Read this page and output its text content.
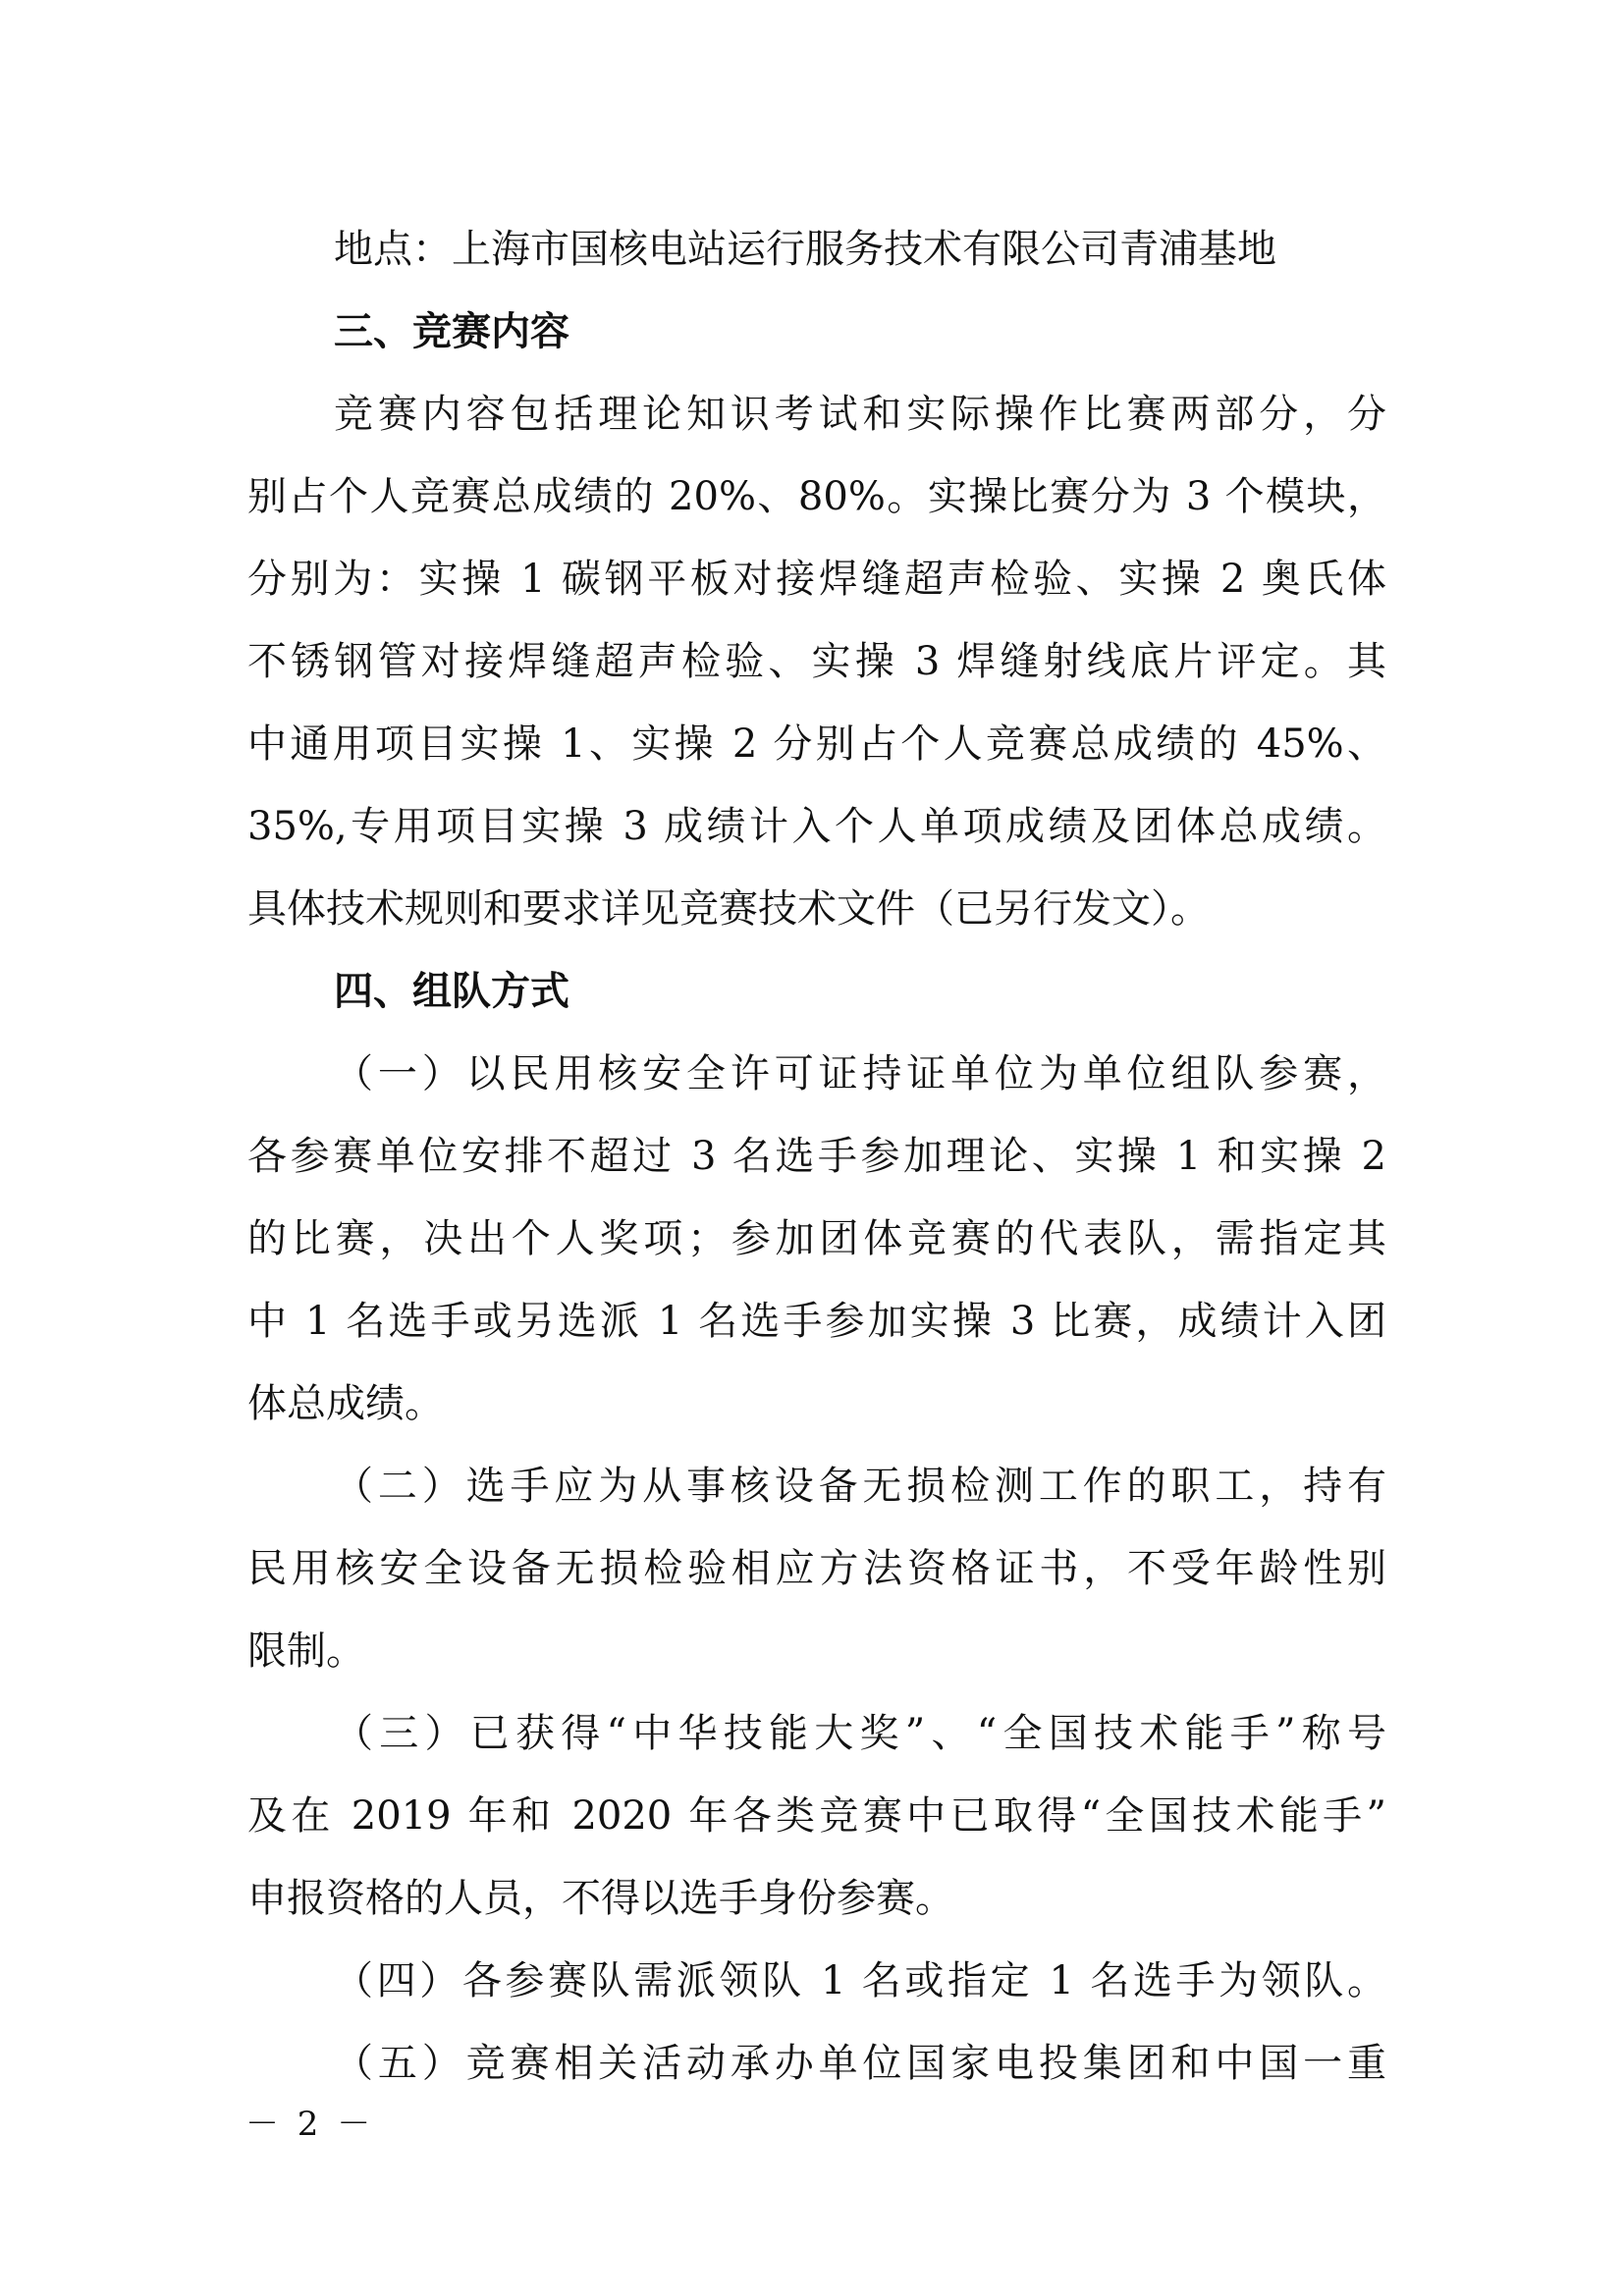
地点：上海市国核电站运行服务技术有限公司青浦基地
三、竞赛内容
竞赛内容包括理论知识考试和实际操作比赛两部分，分
别占个人竞赛总成绩的 20%、80%。实操比赛分为 3 个模块，
分别为：实操 1 碳钢平板对接焊缝超声检验、实操 2 奥氏体
不锈钢管对接焊缝超声检验、实操 3 焊缝射线底片评定。其
中通用项目实操 1、实操 2 分别占个人竞赛总成绩的 45%、
35%,专用项目实操 3 成绩计入个人单项成绩及团体总成绩。
具体技术规则和要求详见竞赛技术文件（已另行发文）。
四、组队方式
（一）以民用核安全许可证持证单位为单位组队参赛，
各参赛单位安排不超过 3 名选手参加理论、实操 1 和实操 2
的比赛，决出个人奖项；参加团体竞赛的代表队，需指定其
中 1 名选手或另选派 1 名选手参加实操 3 比赛，成绩计入团
体总成绩。
（二）选手应为从事核设备无损检测工作的职工，持有
民用核安全设备无损检验相应方法资格证书，不受年龄性别
限制。
（三）已获得“中华技能大奖”、“全国技术能手”称号
及在 2019 年和 2020 年各类竞赛中已取得“全国技术能手”
申报资格的人员，不得以选手身份参赛。
（四）各参赛队需派领队 1 名或指定 1 名选手为领队。
（五）竞赛相关活动承办单位国家电投集团和中国一重
－ 2 －
